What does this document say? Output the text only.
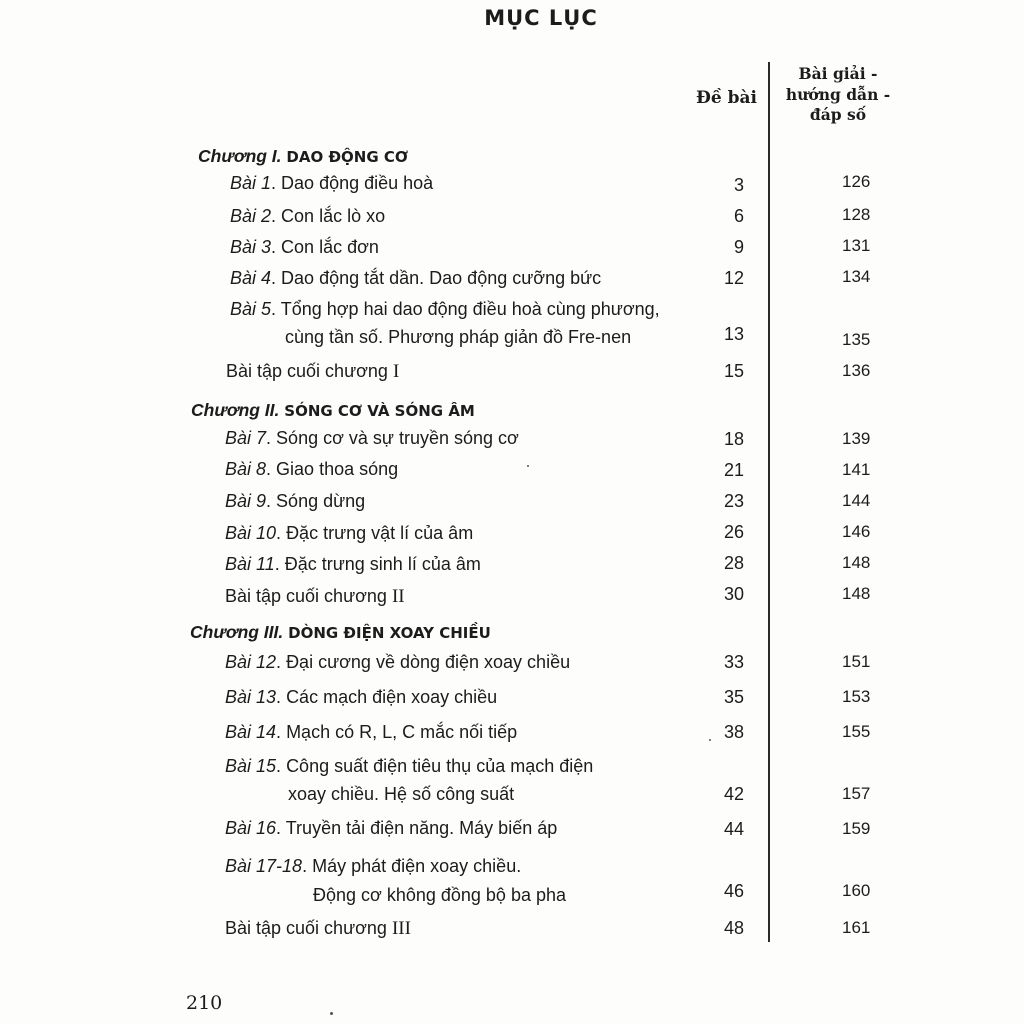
MỤC LỤC
Đề bài
Bài giải -
hướng dẫn -
đáp số
Chương I. DAO ĐỘNG CƠ
Bài 1. Dao động điều hoà	3	126
Bài 2. Con lắc lò xo	6	128
Bài 3. Con lắc đơn	9	131
Bài 4. Dao động tắt dần. Dao động cưỡng bức	12	134
Bài 5. Tổng hợp hai dao động điều hoà cùng phương,
cùng tần số. Phương pháp giản đồ Fre-nen	13	135
Bài tập cuối chương I	15	136
Chương II. SÓNG CƠ VÀ SÓNG ÂM
Bài 7. Sóng cơ và sự truyền sóng cơ	18	139
Bài 8. Giao thoa sóng	21	141
Bài 9. Sóng dừng	23	144
Bài 10. Đặc trưng vật lí của âm	26	146
Bài 11. Đặc trưng sinh lí của âm	28	148
Bài tập cuối chương II	30	148
Chương III. DÒNG ĐIỆN XOAY CHIỀU
Bài 12. Đại cương về dòng điện xoay chiều	33	151
Bài 13. Các mạch điện xoay chiều	35	153
Bài 14. Mạch có R, L, C mắc nối tiếp	38	155
Bài 15. Công suất điện tiêu thụ của mạch điện
xoay chiều. Hệ số công suất	42	157
Bài 16. Truyền tải điện năng. Máy biến áp	44	159
Bài 17-18. Máy phát điện xoay chiều.
Động cơ không đồng bộ ba pha	46	160
Bài tập cuối chương III	48	161
210
